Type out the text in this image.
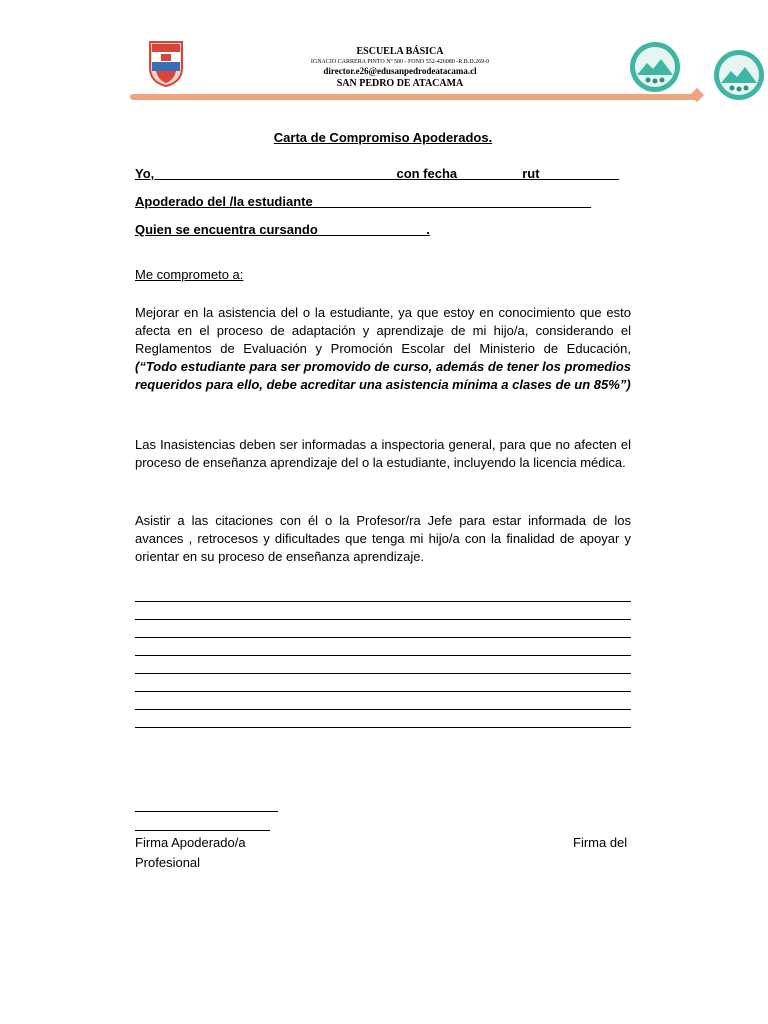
ESCUELA BÁSICA
IGNACIO CARRERA PINTO Nº 500 - FONO 552-426080 -R.B.D.269-0
director.e26@edusanpedrodeatacama.cl
SAN PEDRO DE ATACAMA
Carta de Compromiso Apoderados.
Yo,_________________________________ con fecha_________rut___________
Apoderado del /la estudiante ______________________________________
Quien se encuentra cursando_______________.
Me comprometo a:
Mejorar en la asistencia del o la estudiante, ya que estoy en conocimiento que esto afecta en el proceso de adaptación y aprendizaje de mi hijo/a, considerando el Reglamentos de Evaluación y Promoción Escolar del Ministerio de Educación, (“Todo estudiante para ser promovido de curso, además de tener los promedios requeridos para ello, debe acreditar una asistencia mínima a clases de un 85%”)
Las Inasistencias deben ser informadas a inspectoria general, para que no afecten el proceso de enseñanza aprendizaje del o la estudiante, incluyendo la licencia médica.
Asistir a las citaciones con él o la Profesor/ra Jefe para estar informada de los avances , retrocesos y dificultades que tenga mi hijo/a con la finalidad de apoyar y orientar en su proceso de enseñanza aprendizaje.
Firma Apoderado/a
Profesional
Firma del
